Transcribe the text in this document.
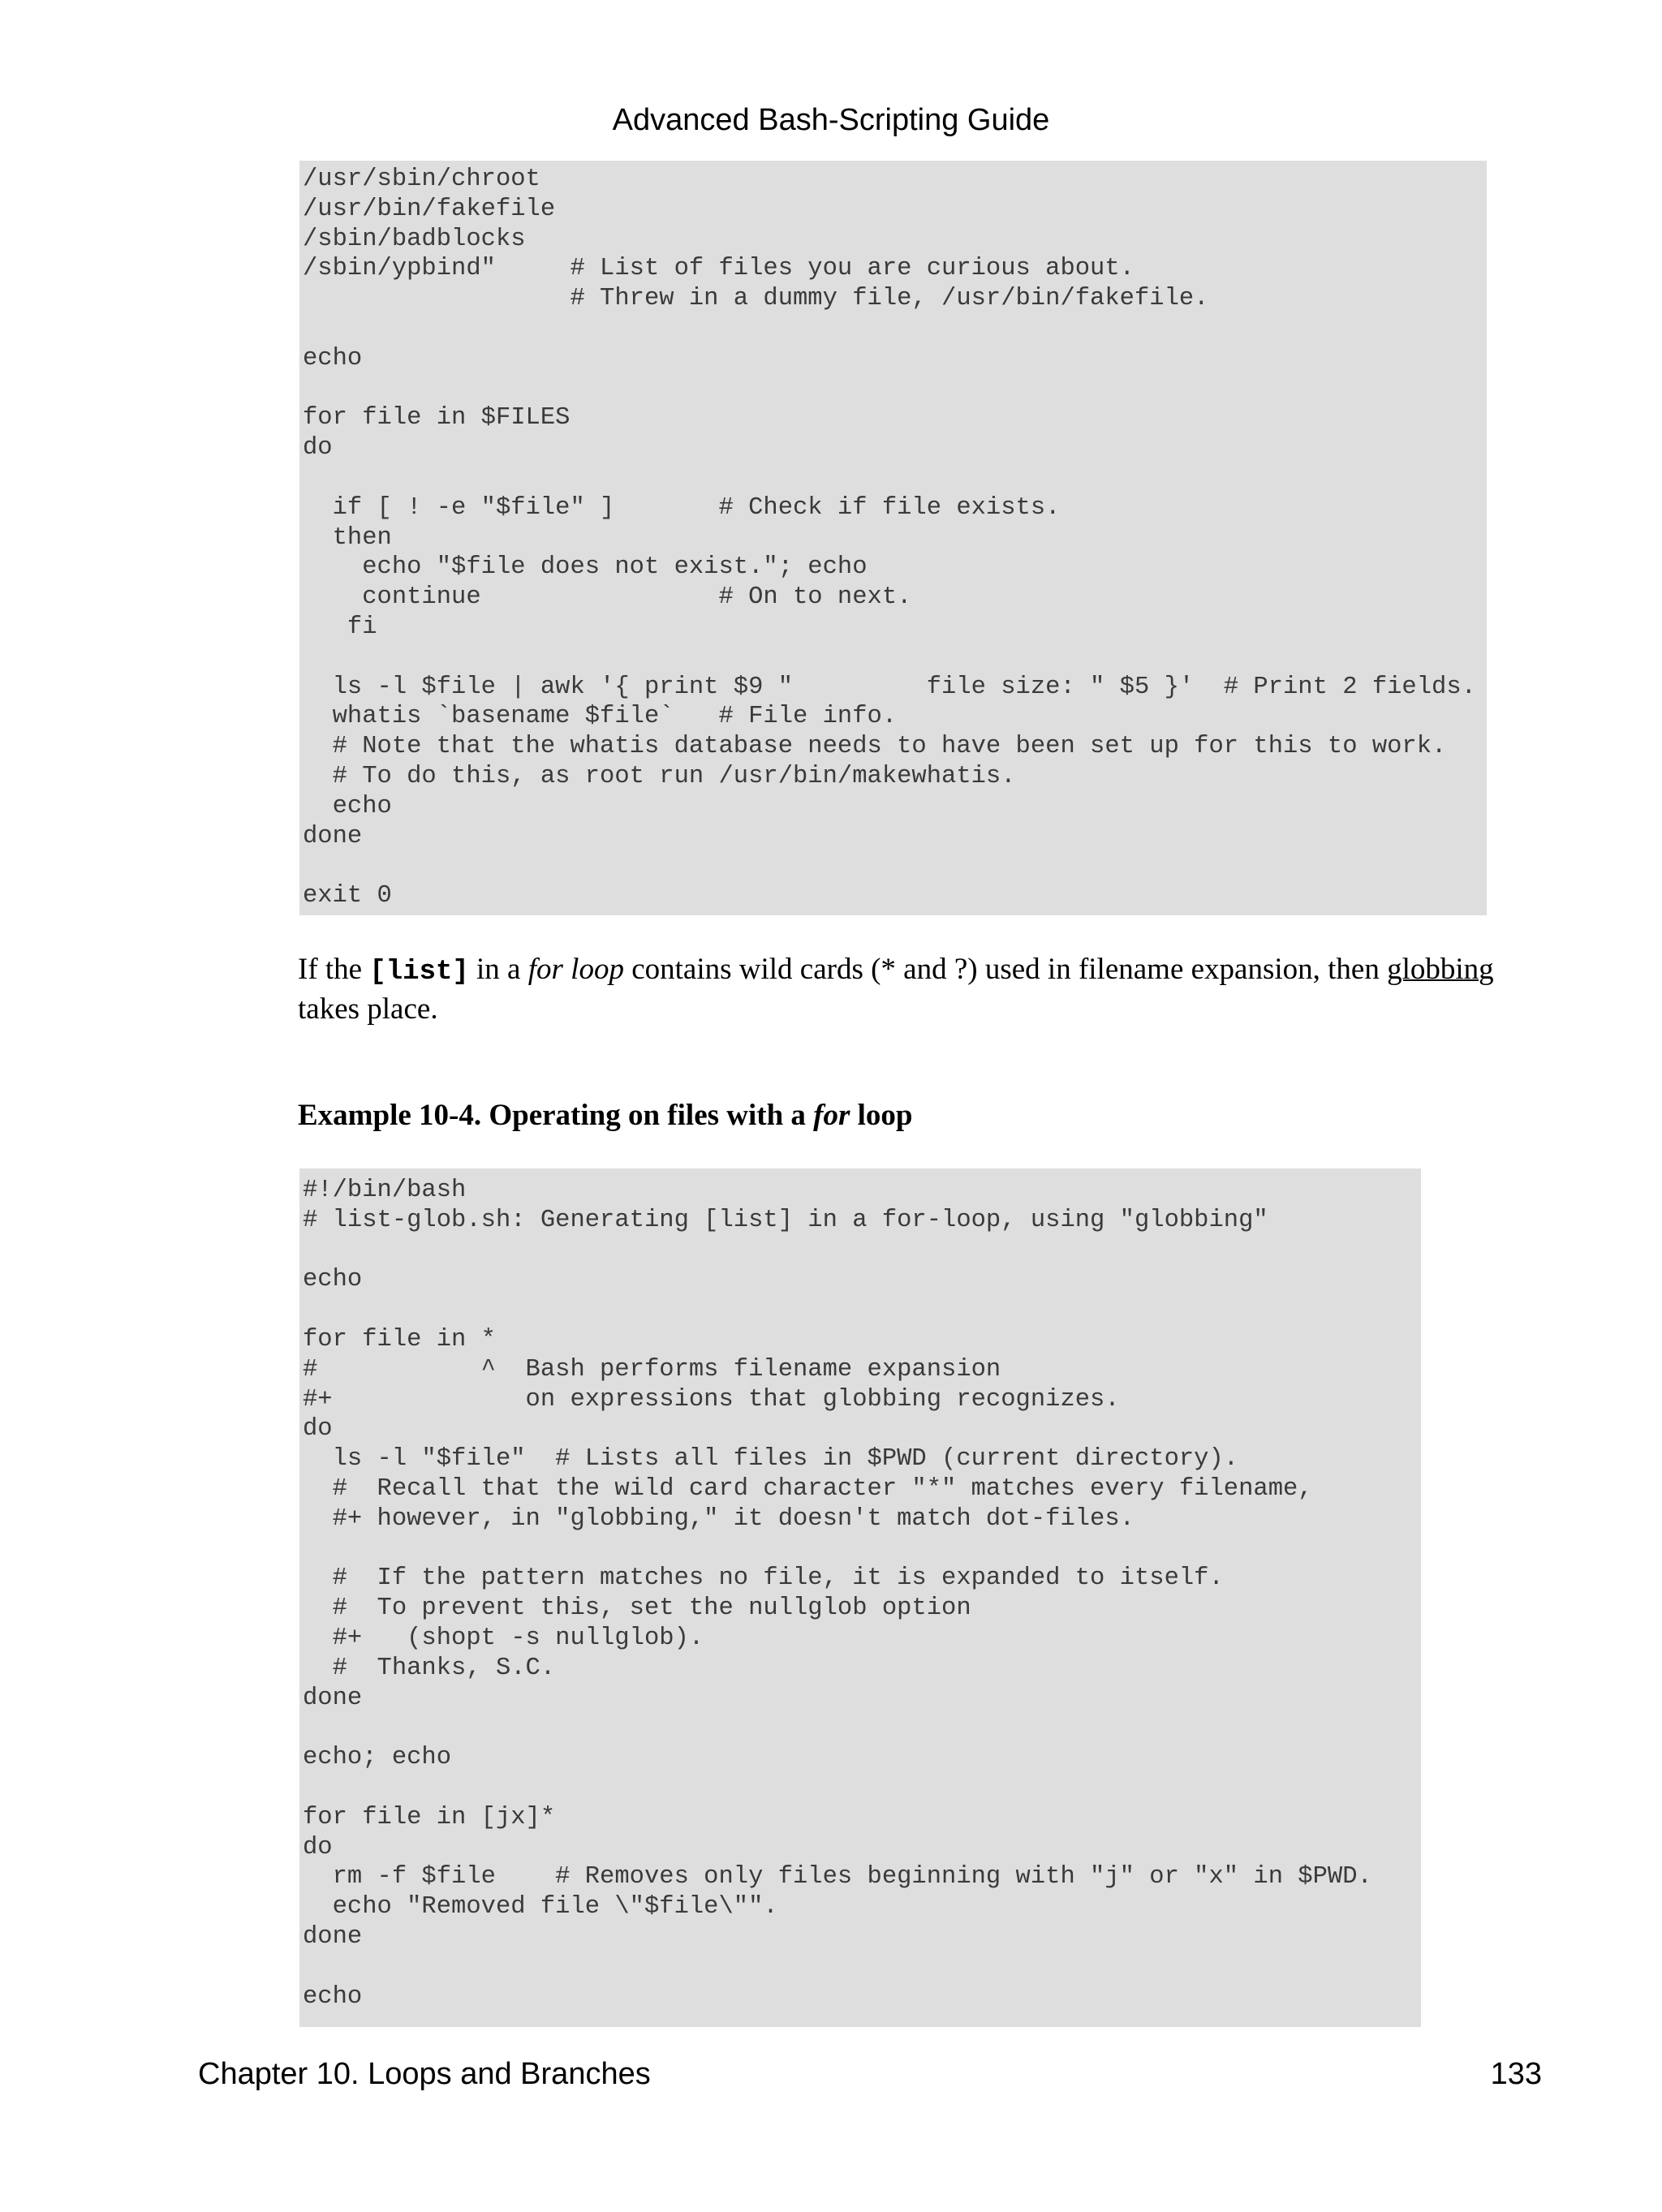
Advanced Bash-Scripting Guide
/usr/sbin/chroot
/usr/bin/fakefile
/sbin/badblocks
/sbin/ypbind"     # List of files you are curious about.
# Threw in a dummy file, /usr/bin/fakefile.
echo
for file in $FILES
do
if [ ! -e "$file" ]       # Check if file exists.
then
echo "$file does not exist."; echo
continue                # On to next.
fi
ls -l $file | awk '{ print $9 "         file size: " $5 }'  # Print 2 fields.
whatis `basename $file`   # File info.
# Note that the whatis database needs to have been set up for this to work.
# To do this, as root run /usr/bin/makewhatis.
echo
done
exit 0
If the [list] in a for loop contains wild cards (* and ?) used in filename expansion, then globbing takes place.
Example 10-4. Operating on files with a for loop
#!/bin/bash
# list-glob.sh: Generating [list] in a for-loop, using "globbing"
echo
for file in *
#           ^  Bash performs filename expansion
#+             on expressions that globbing recognizes.
do
ls -l "$file"  # Lists all files in $PWD (current directory).
#  Recall that the wild card character "*" matches every filename,
#+ however, in "globbing," it doesn't match dot-files.
#  If the pattern matches no file, it is expanded to itself.
#  To prevent this, set the nullglob option
#+   (shopt -s nullglob).
#  Thanks, S.C.
done
echo; echo
for file in [jx]*
do
rm -f $file    # Removes only files beginning with "j" or "x" in $PWD.
echo "Removed file \"$file\"".
done
echo
Chapter 10. Loops and Branches	133
